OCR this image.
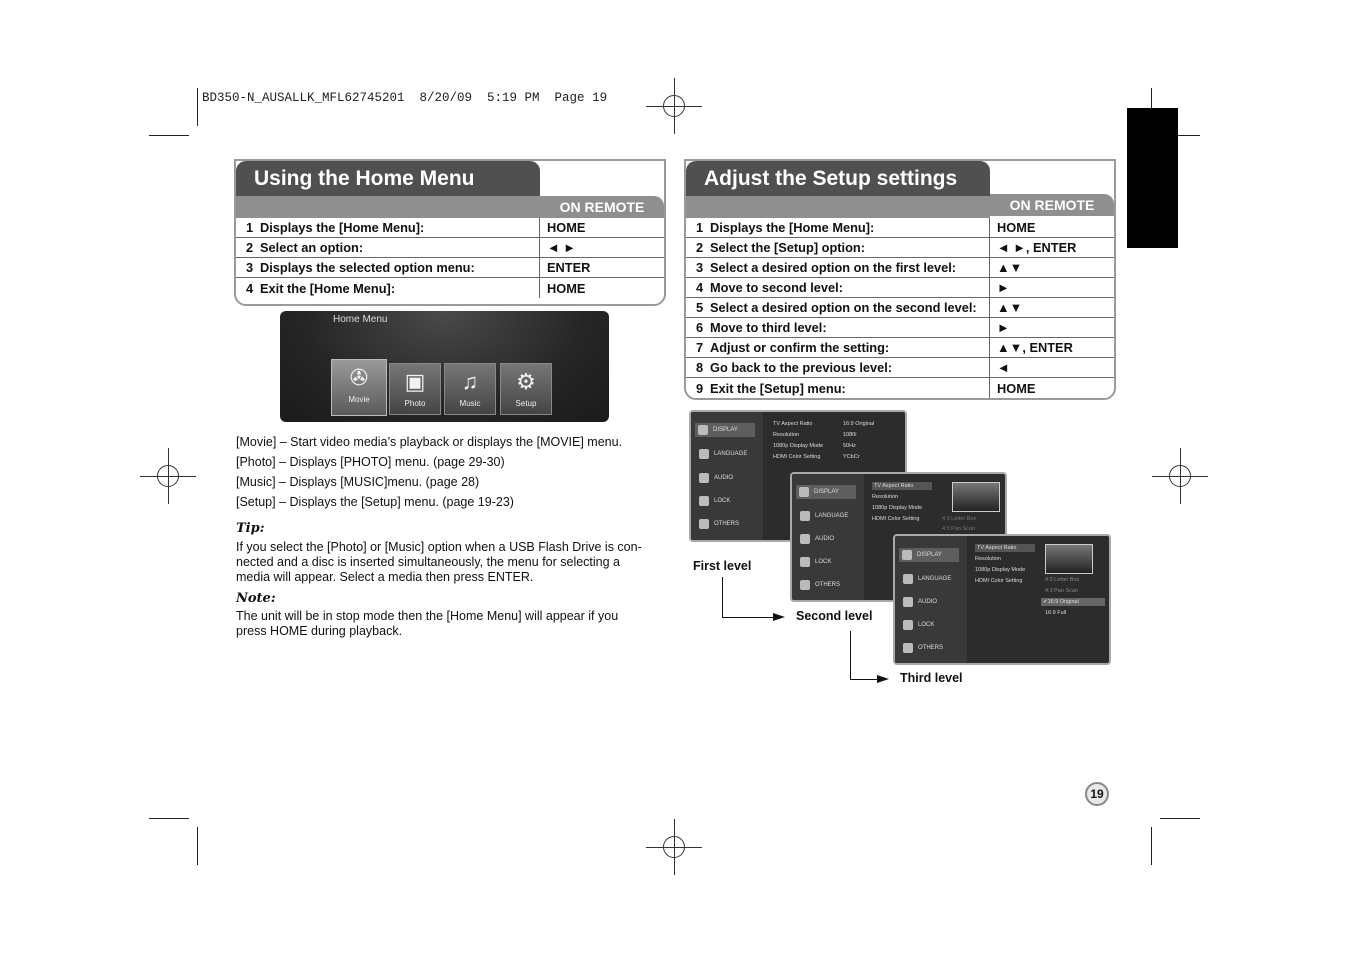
BD350-N_AUSALLK_MFL62745201  8/20/09  5:19 PM  Page 19
Using the Home Menu
ON REMOTE
1 Displays the [Home Menu]:	HOME
2 Select an option:	◄ ►
3 Displays the selected option menu:	ENTER
4 Exit the [Home Menu]:	HOME
Home Menu
✇
Movie
▣
Photo
♫
Music
⚙
Setup
[Movie] – Start video media’s playback or displays the [MOVIE] menu.
[Photo] – Displays [PHOTO] menu. (page 29-30)
[Music] – Displays [MUSIC]menu. (page 28)
[Setup] – Displays the [Setup] menu. (page 19-23)
Tip:
If you select the [Photo] or [Music] option when a USB Flash Drive is con-
nected and a disc is inserted simultaneously, the menu for selecting a
media will appear. Select a media then press ENTER.
Note:
The unit will be in stop mode then the [Home Menu] will appear if you
press HOME during playback.
Adjust the Setup settings
ON REMOTE
1 Displays the [Home Menu]:	HOME
2 Select the [Setup] option:	◄ ►, ENTER
3 Select a desired option on the first level:	▲▼
4 Move to second level:	►
5 Select a desired option on the second level:	▲▼
6 Move to third level:	►
7 Adjust or confirm the setting:	▲▼, ENTER
8 Go back to the previous level:	◄
9 Exit the [Setup] menu:	HOME
DISPLAY
LANGUAGE
AUDIO
LOCK
OTHERS
TV Aspect Ratio	16:9 Original
Resolution	1080i
1080p Display Mode	50Hz
HDMI Color Setting	YCbCr
DISPLAY
LANGUAGE
AUDIO
LOCK
OTHERS
TV Aspect Ratio
Resolution
1080p Display Mode
HDMI Color Setting	4:3 Letter Box
4:3 Pan Scan
DISPLAY
LANGUAGE
AUDIO
LOCK
OTHERS
TV Aspect Ratio
Resolution
1080p Display Mode
HDMI Color Setting	4:3 Letter Box
4:3 Pan Scan
✔16:9 Original
16:9 Full
First level
Second level
Third level
19
